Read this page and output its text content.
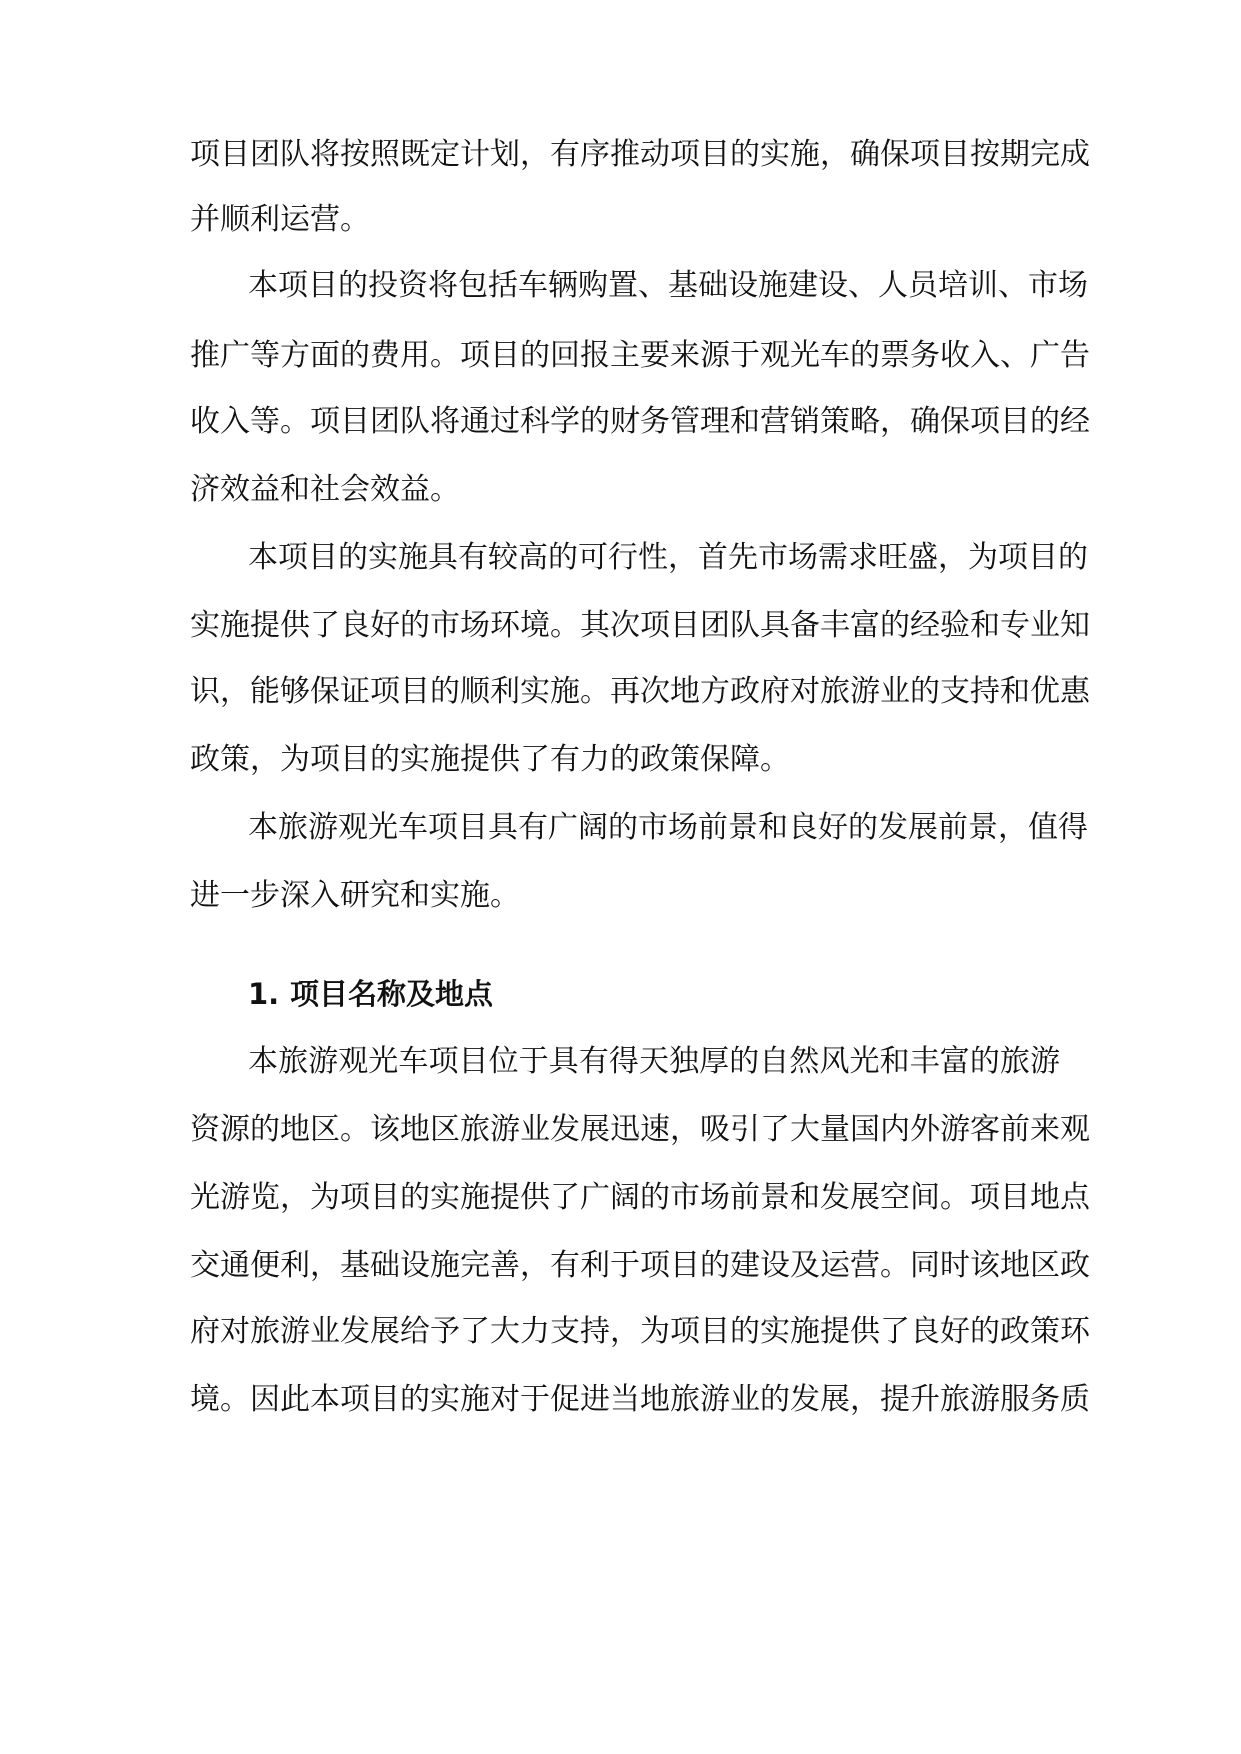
项目团队将按照既定计划，有序推动项目的实施，确保项目按期完成
并顺利运营。
本项目的投资将包括车辆购置、基础设施建设、人员培训、市场
推广等方面的费用。项目的回报主要来源于观光车的票务收入、广告
收入等。项目团队将通过科学的财务管理和营销策略，确保项目的经
济效益和社会效益。
本项目的实施具有较高的可行性，首先市场需求旺盛，为项目的
实施提供了良好的市场环境。其次项目团队具备丰富的经验和专业知
识，能够保证项目的顺利实施。再次地方政府对旅游业的支持和优惠
政策，为项目的实施提供了有力的政策保障。
本旅游观光车项目具有广阔的市场前景和良好的发展前景，值得
进一步深入研究和实施。
1. 项目名称及地点
本旅游观光车项目位于具有得天独厚的自然风光和丰富的旅游
资源的地区。该地区旅游业发展迅速，吸引了大量国内外游客前来观
光游览，为项目的实施提供了广阔的市场前景和发展空间。项目地点
交通便利，基础设施完善，有利于项目的建设及运营。同时该地区政
府对旅游业发展给予了大力支持，为项目的实施提供了良好的政策环
境。因此本项目的实施对于促进当地旅游业的发展，提升旅游服务质
